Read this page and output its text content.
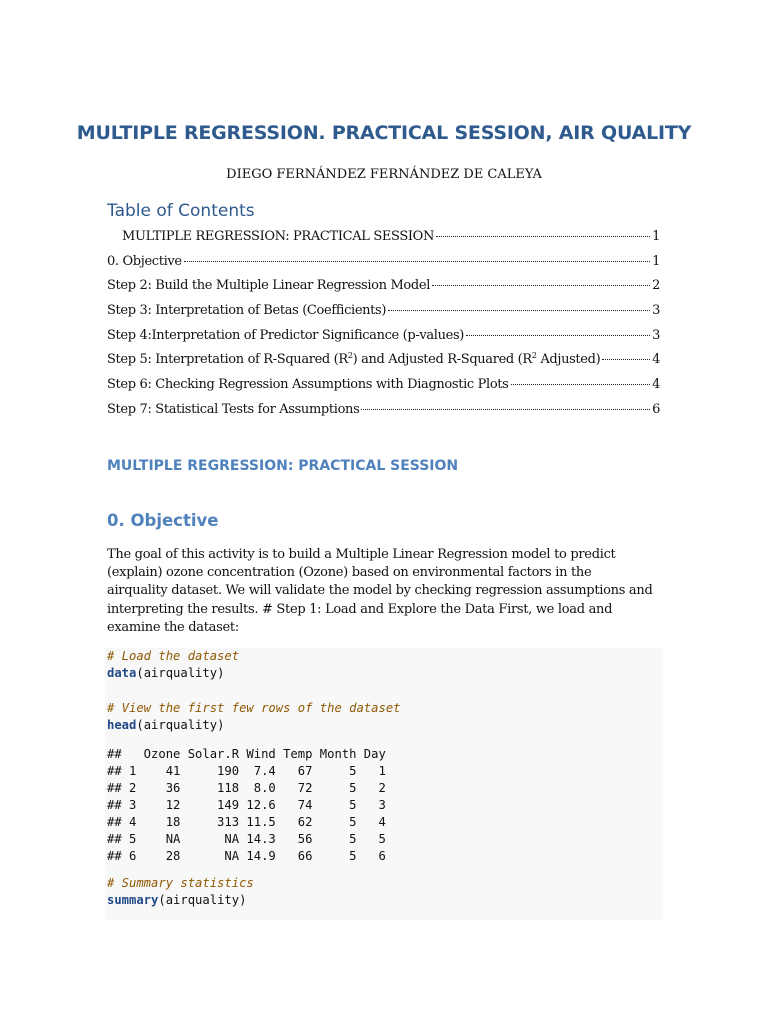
MULTIPLE REGRESSION. PRACTICAL SESSION, AIR QUALITY
DIEGO FERNÁNDEZ FERNÁNDEZ DE CALEYA
Table of Contents
MULTIPLE REGRESSION: PRACTICAL SESSION	1
0. Objective	1
Step 2: Build the Multiple Linear Regression Model	2
Step 3: Interpretation of Betas (Coefficients)	3
Step 4:Interpretation of Predictor Significance (p-values)	3
Step 5: Interpretation of R-Squared $(R^2)$ and Adjusted R-Squared ($R^2$ Adjusted)	4
Step 6: Checking Regression Assumptions with Diagnostic Plots	4
Step 7: Statistical Tests for Assumptions	6
MULTIPLE REGRESSION: PRACTICAL SESSION
0. Objective
The goal of this activity is to build a Multiple Linear Regression model to predict
(explain) ozone concentration (Ozone) based on environmental factors in the
airquality dataset. We will validate the model by checking regression assumptions and
interpreting the results. # Step 1: Load and Explore the Data First, we load and
examine the dataset:
# Load the dataset
data(airquality)
# View the first few rows of the dataset
head(airquality)
##   Ozone Solar.R Wind Temp Month Day
## 1    41     190  7.4   67     5   1
## 2    36     118  8.0   72     5   2
## 3    12     149 12.6   74     5   3
## 4    18     313 11.5   62     5   4
## 5    NA      NA 14.3   56     5   5
## 6    28      NA 14.9   66     5   6
# Summary statistics
summary(airquality)
